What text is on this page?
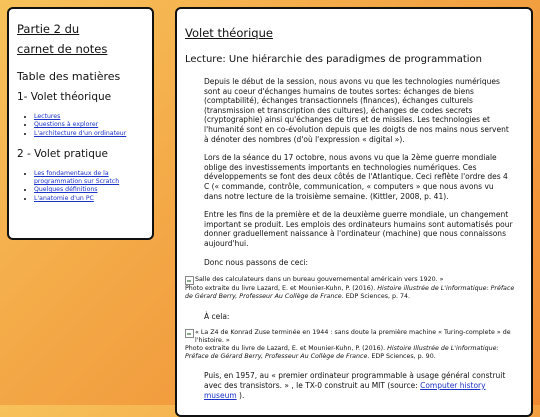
Partie 2 du

carnet de notes

Table des matières

1- Volet théorique

• Lectures
• Questions à explorer
• L'architecture d'un ordinateur

2 - Volet pratique

• Les fondamentaux de la programmation sur Scratch
• Quelques définitions
• L'anatomie d'un PC

Volet théorique

Lecture: Une hiérarchie des paradigmes de programmation

Depuis le début de la session, nous avons vu que les technologies numériques sont au coeur d'échanges humains de toutes sortes: échanges de biens (comptabilité), échanges transactionnels (finances), échanges culturels (transmission et transcription des cultures), échanges de codes secrets (cryptographie) ainsi qu'échanges de tirs et de missiles. Les technologies et l'humanité sont en co-évolution depuis que les doigts de nos mains nous servent à dénoter des nombres (d'où l'expression « digital »).

Lors de la séance du 17 octobre, nous avons vu que la 2ème guerre mondiale oblige des investissements importants en technologies numériques. Ces développements se font des deux côtés de l'Atlantique. Ceci reflète l'ordre des 4 C (« commande, contrôle, communication, « computers » que nous avons vu dans notre lecture de la troisième semaine. (Kittler, 2008, p. 41).

Entre les fins de la première et de la deuxième guerre mondiale, un changement important se produit. Les emplois des ordinateurs humains sont automatisés pour donner graduellement naissance à l'ordinateur (machine) que nous connaissons aujourd'hui.

Donc nous passons de ceci:

Salle des calculateurs dans un bureau gouvernemental américain vers 1920. »
Photo extraite du livre Lazard, E. et Mounier-Kuhn, P. (2016). Histoire illustrée de L'informatique: Préface de Gérard Berry, Professeur Au Collège de France. EDP Sciences, p. 74.

À cela:

« La Z4 de Konrad Zuse terminée en 1944 : sans doute la première machine « Turing-complete » de l'histoire. »
Photo extraite du livre de Lazard, E. et Mounier-Kuhn, P. (2016). Histoire Illustrée de L'informatique: Préface de Gérard Berry, Professeur Au Collège de France. EDP Sciences, p. 90.

Puis, en 1957, au « premier ordinateur programmable à usage général construit avec des transistors. » , le TX-0 construit au MIT (source: Computer history museum ).
